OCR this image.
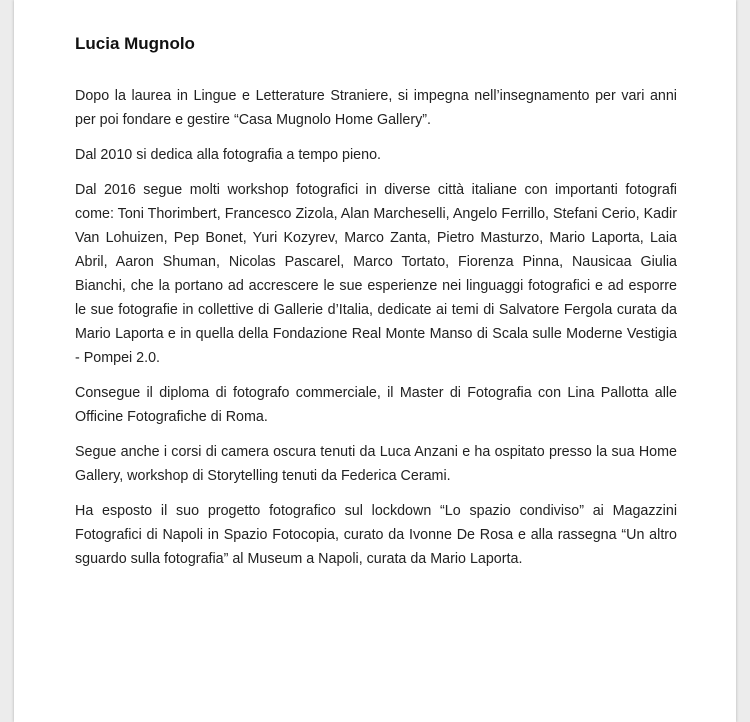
Lucia Mugnolo

Dopo la laurea in Lingue e Letterature Straniere, si impegna nell’insegnamento per vari anni per poi fondare e gestire “Casa Mugnolo Home Gallery”.

Dal 2010 si dedica alla fotografia a tempo pieno.

Dal 2016 segue molti workshop fotografici in diverse città italiane con importanti fotografi come: Toni Thorimbert, Francesco Zizola, Alan Marcheselli, Angelo Ferrillo, Stefani Cerio, Kadir Van Lohuizen, Pep Bonet, Yuri Kozyrev, Marco Zanta, Pietro Masturzo, Mario Laporta, Laia Abril, Aaron Shuman, Nicolas Pascarel, Marco Tortato, Fiorenza Pinna, Nausicaa Giulia Bianchi, che la portano ad accrescere le sue esperienze nei linguaggi fotografici e ad esporre le sue fotografie in collettive di Gallerie d’Italia, dedicate ai temi di Salvatore Fergola curata da Mario Laporta e in quella della Fondazione Real Monte Manso di Scala sulle Moderne Vestigia - Pompei 2.0.

Consegue il diploma di fotografo commerciale, il Master di Fotografia con Lina Pallotta alle Officine Fotografiche di Roma.

Segue anche i corsi di camera oscura tenuti da Luca Anzani e ha ospitato presso la sua Home Gallery, workshop di Storytelling tenuti da Federica Cerami.

Ha esposto il suo progetto fotografico sul lockdown “Lo spazio condiviso” ai Magazzini Fotografici di Napoli in Spazio Fotocopia, curato da Ivonne De Rosa e alla rassegna “Un altro sguardo sulla fotografia” al Museum a Napoli, curata da Mario Laporta.
